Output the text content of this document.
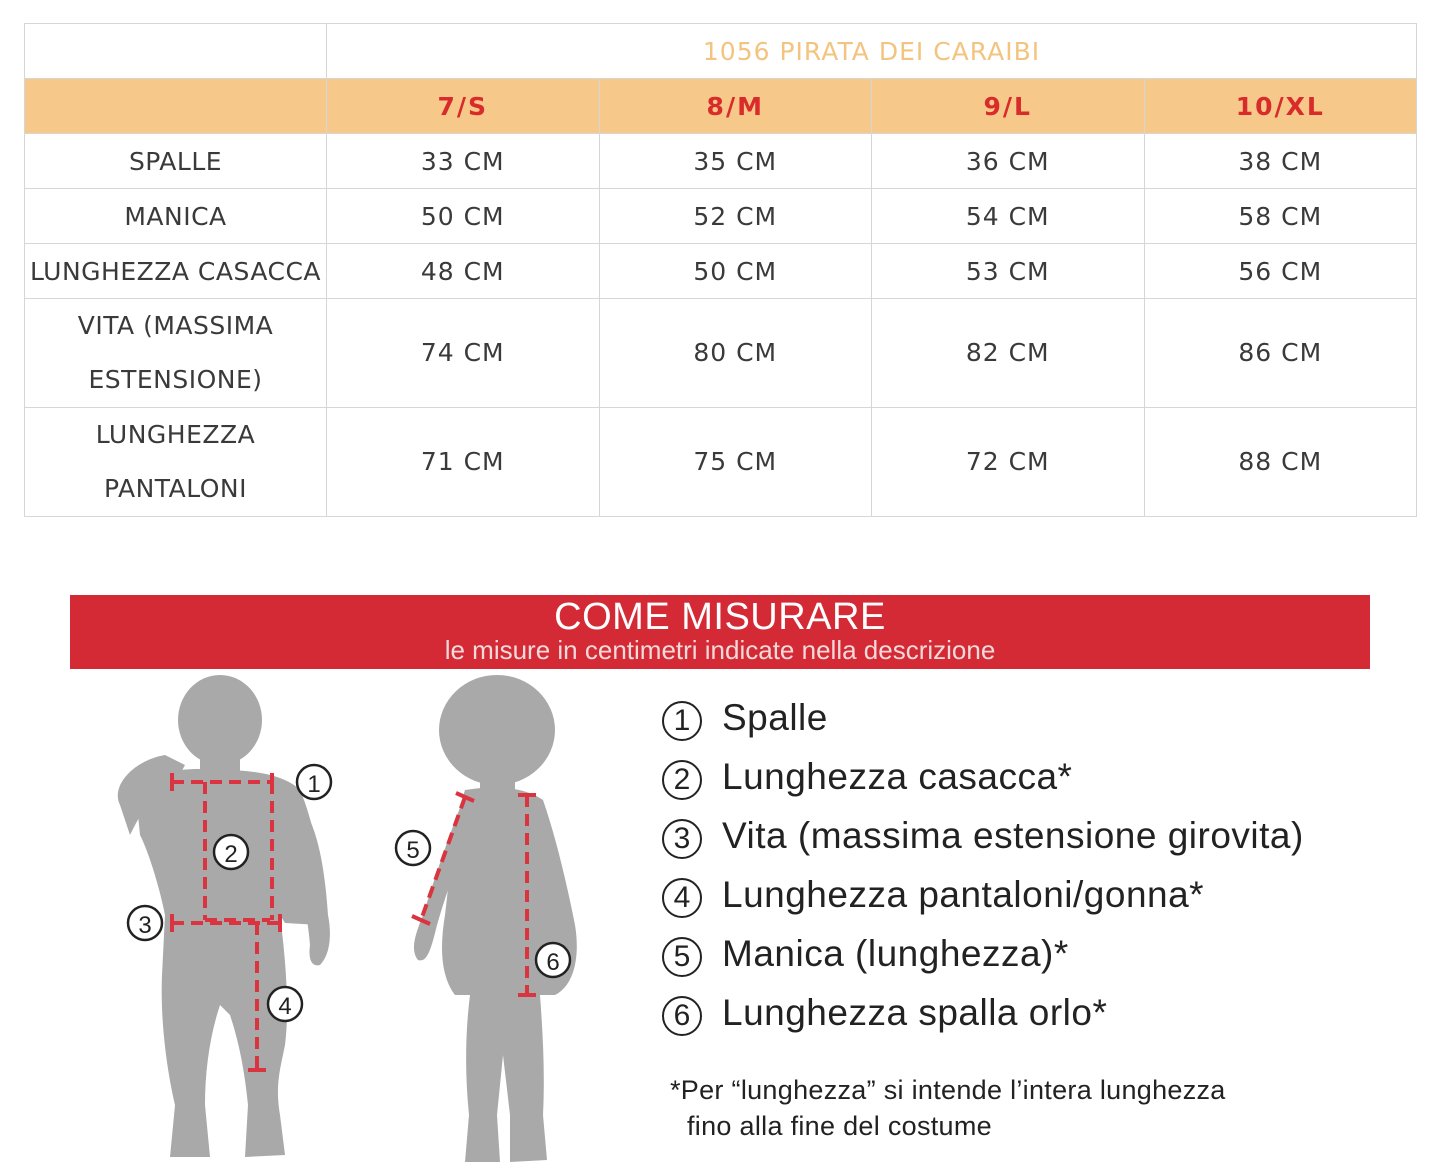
	1056 PIRATA DEI CARAIBI			
	7/S	8/M	9/L	10/XL
SPALLE	33 CM	35 CM	36 CM	38 CM
MANICA	50 CM	52 CM	54 CM	58 CM
LUNGHEZZA CASACCA	48 CM	50 CM	53 CM	56 CM
VITA (MASSIMA
ESTENSIONE)	74 CM	80 CM	82 CM	86 CM
LUNGHEZZA
PANTALONI	71 CM	75 CM	72 CM	88 CM
COME MISURARE
le misure in centimetri indicate nella descrizione
1
2
3
4
5
6
1 Spalle
2 Lunghezza casacca*
3 Vita (massima estensione girovita)
4 Lunghezza pantaloni/gonna*
5 Manica (lunghezza)*
6 Lunghezza spalla orlo*
*Per “lunghezza” si intende l’intera lunghezza
fino alla fine del costume
